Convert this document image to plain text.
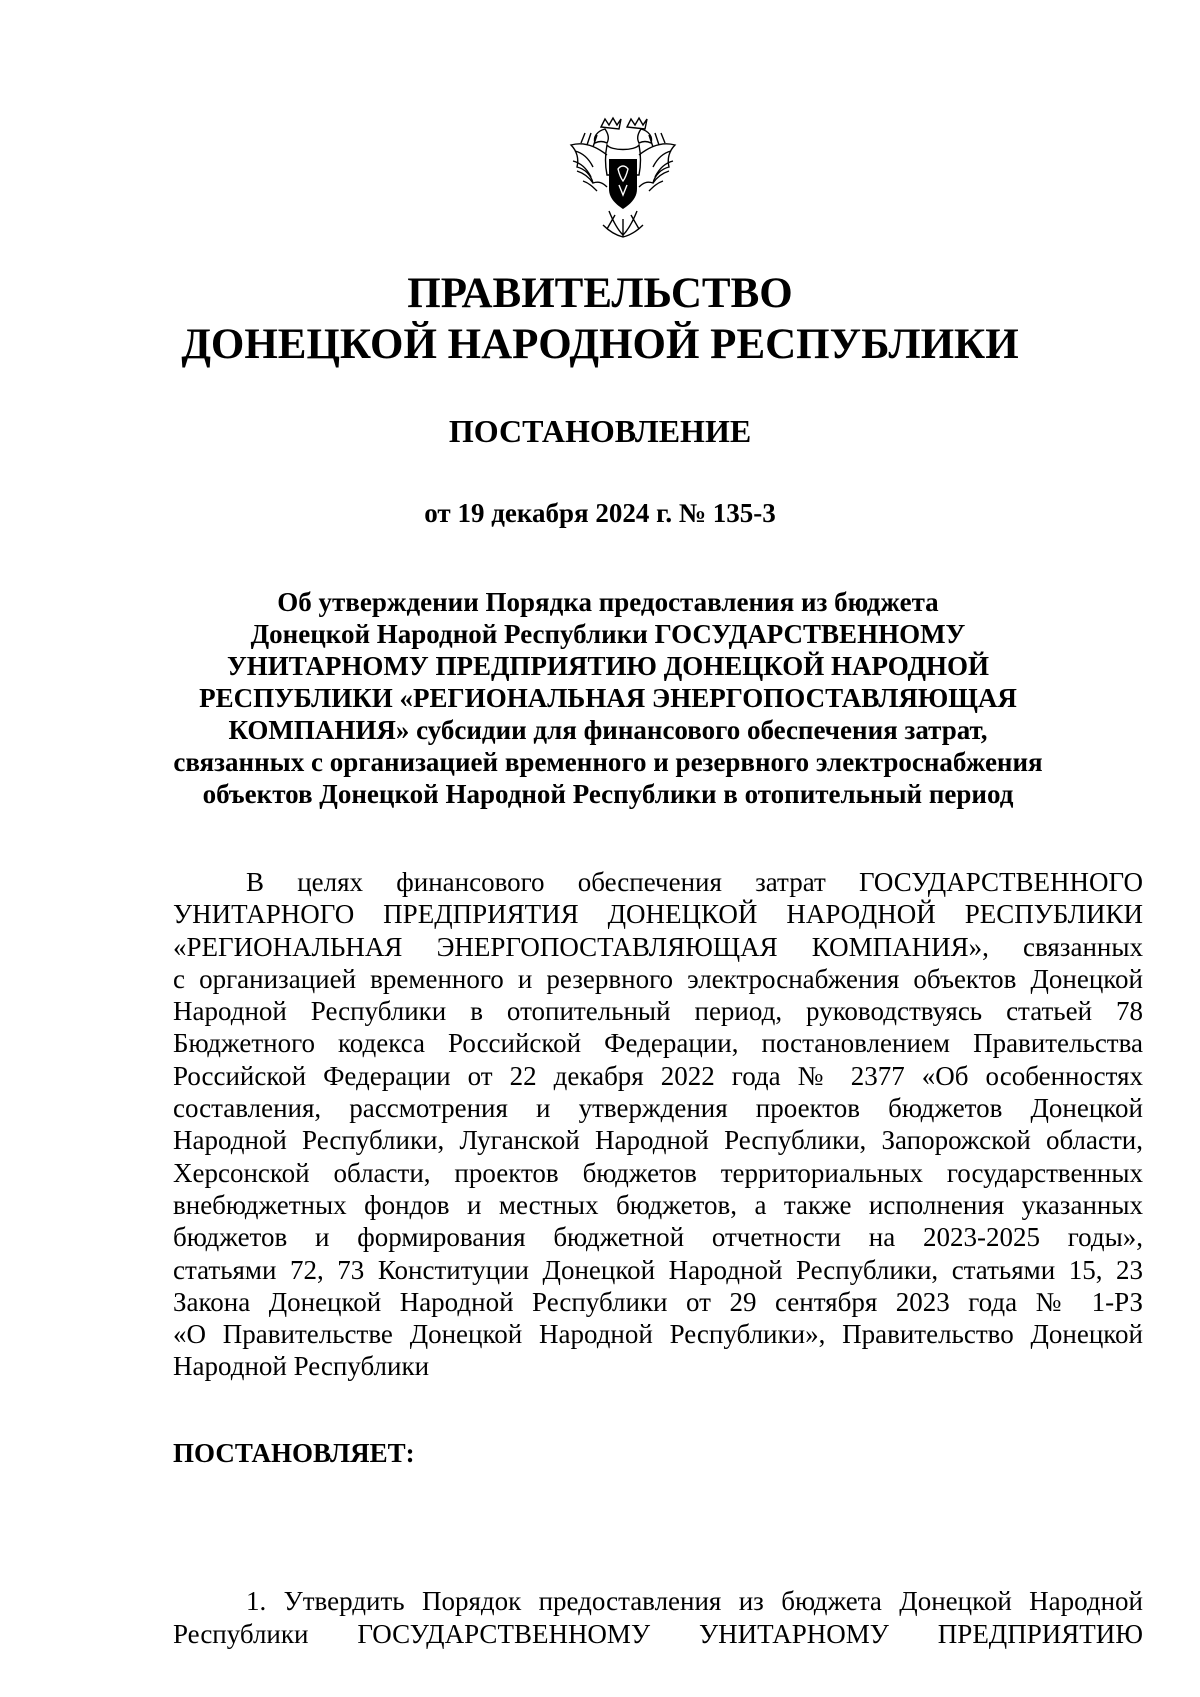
ПРАВИТЕЛЬСТВО
ДОНЕЦКОЙ НАРОДНОЙ РЕСПУБЛИКИ
ПОСТАНОВЛЕНИЕ
от 19 декабря 2024 г. № 135-3
Об утверждении Порядка предоставления из бюджета
Донецкой Народной Республики ГОСУДАРСТВЕННОМУ
УНИТАРНОМУ ПРЕДПРИЯТИЮ ДОНЕЦКОЙ НАРОДНОЙ
РЕСПУБЛИКИ «РЕГИОНАЛЬНАЯ ЭНЕРГОПОСТАВЛЯЮЩАЯ
КОМПАНИЯ» субсидии для финансового обеспечения затрат,
связанных с организацией временного и резервного электроснабжения
объектов Донецкой Народной Республики в отопительный период
В целях финансового обеспечения затрат ГОСУДАРСТВЕННОГО
УНИТАРНОГО ПРЕДПРИЯТИЯ ДОНЕЦКОЙ НАРОДНОЙ РЕСПУБЛИКИ
«РЕГИОНАЛЬНАЯ ЭНЕРГОПОСТАВЛЯЮЩАЯ КОМПАНИЯ», связанных
с организацией временного и резервного электроснабжения объектов Донецкой
Народной Республики в отопительный период, руководствуясь статьей 78
Бюджетного кодекса Российской Федерации, постановлением Правительства
Российской Федерации от 22 декабря 2022 года № 2377 «Об особенностях
составления, рассмотрения и утверждения проектов бюджетов Донецкой
Народной Республики, Луганской Народной Республики, Запорожской области,
Херсонской области, проектов бюджетов территориальных государственных
внебюджетных фондов и местных бюджетов, а также исполнения указанных
бюджетов и формирования бюджетной отчетности на 2023-2025 годы»,
статьями 72, 73 Конституции Донецкой Народной Республики, статьями 15, 23
Закона Донецкой Народной Республики от 29 сентября 2023 года № 1-РЗ
«О Правительстве Донецкой Народной Республики», Правительство Донецкой
Народной Республики
ПОСТАНОВЛЯЕТ:
1. Утвердить Порядок предоставления из бюджета Донецкой Народной
Республики ГОСУДАРСТВЕННОМУ УНИТАРНОМУ ПРЕДПРИЯТИЮ
